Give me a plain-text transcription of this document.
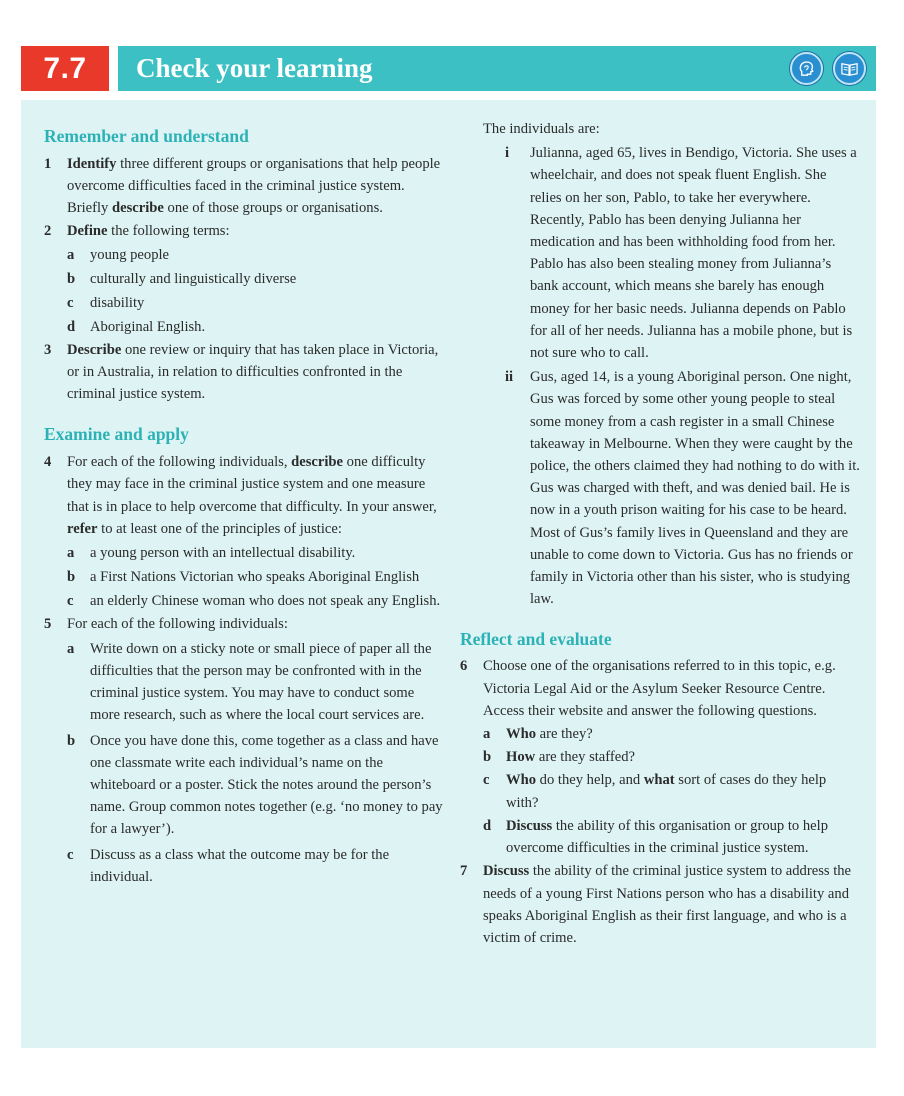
7.7	Check your learning
Remember and understand
1 Identify three different groups or organisations that help people overcome difficulties faced in the criminal justice system. Briefly describe one of those groups or organisations.
2 Define the following terms:
a young people
b culturally and linguistically diverse
c disability
d Aboriginal English.
3 Describe one review or inquiry that has taken place in Victoria, or in Australia, in relation to difficulties confronted in the criminal justice system.
Examine and apply
4 For each of the following individuals, describe one difficulty they may face in the criminal justice system and one measure that is in place to help overcome that difficulty. In your answer, refer to at least one of the principles of justice:
a a young person with an intellectual disability.
b a First Nations Victorian who speaks Aboriginal English
c an elderly Chinese woman who does not speak any English.
5 For each of the following individuals:
a Write down on a sticky note or small piece of paper all the difficulties that the person may be confronted with in the criminal justice system. You may have to conduct some more research, such as where the local court services are.
b Once you have done this, come together as a class and have one classmate write each individual’s name on the whiteboard or a poster. Stick the notes around the person’s name. Group common notes together (e.g. ‘no money to pay for a lawyer’).
c Discuss as a class what the outcome may be for the individual.
The individuals are:
i Julianna, aged 65, lives in Bendigo, Victoria. She uses a wheelchair, and does not speak fluent English. She relies on her son, Pablo, to take her everywhere. Recently, Pablo has been denying Julianna her medication and has been withholding food from her. Pablo has also been stealing money from Julianna’s bank account, which means she barely has enough money for her basic needs. Julianna depends on Pablo for all of her needs. Julianna has a mobile phone, but is not sure who to call.
ii Gus, aged 14, is a young Aboriginal person. One night, Gus was forced by some other young people to steal some money from a cash register in a small Chinese takeaway in Melbourne. When they were caught by the police, the others claimed they had nothing to do with it. Gus was charged with theft, and was denied bail. He is now in a youth prison waiting for his case to be heard. Most of Gus’s family lives in Queensland and they are unable to come down to Victoria. Gus has no friends or family in Victoria other than his sister, who is studying law.
Reflect and evaluate
6 Choose one of the organisations referred to in this topic, e.g. Victoria Legal Aid or the Asylum Seeker Resource Centre. Access their website and answer the following questions.
a Who are they?
b How are they staffed?
c Who do they help, and what sort of cases do they help with?
d Discuss the ability of this organisation or group to help overcome difficulties in the criminal justice system.
7 Discuss the ability of the criminal justice system to address the needs of a young First Nations person who has a disability and speaks Aboriginal English as their first language, and who is a victim of crime.
